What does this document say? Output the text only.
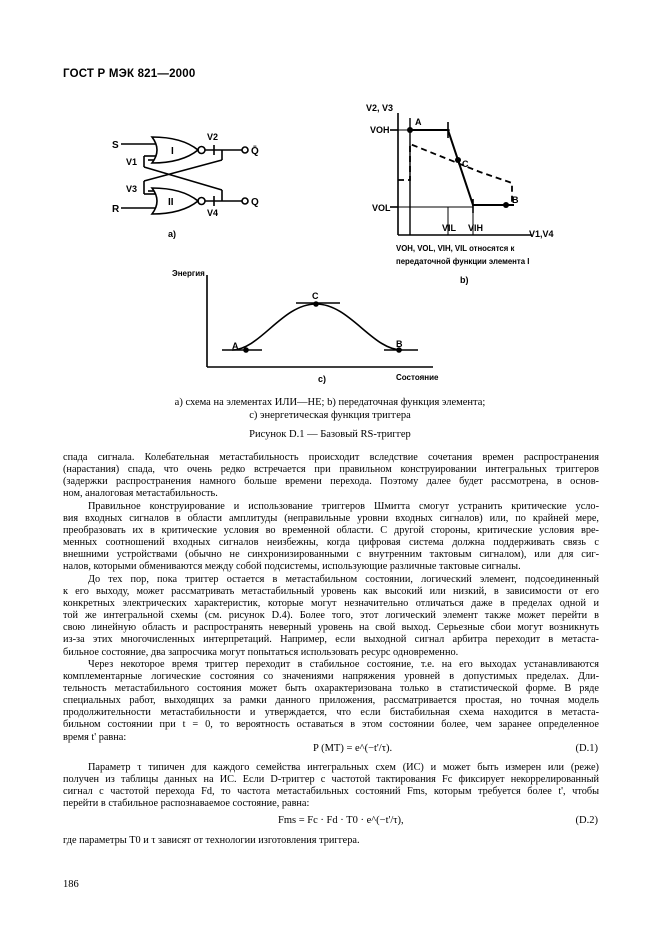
ГОСТ Р МЭК 821—2000
S
R
Q̄
Q
I
II
V1
V2
V3
V4
a)
V2, V3
VOH
VOL
VIL VIH
V1,V4
A
B
C
VOH, VOL, VIH, VIL относятся к
передаточной функции элемента I
b)
Энергия
Состояние
A	B
C
c)
a) схема на элементах ИЛИ—НЕ; b) передаточная функция элемента;
c) энергетическая функция триггера
Рисунок D.1 — Базовый RS-триггер
спада сигнала. Колебательная метастабильность происходит вследствие сочетания времен распространения
(нарастания) спада, что очень редко встречается при правильном конструировании интегральных триггеров
(задержки распространения намного больше времени перехода. Поэтому далее будет рассмотрена, в основ-
ном, аналоговая метастабильность.
Правильное конструирование и использование триггеров Шмитта смогут устранить критические усло-
вия входных сигналов в области амплитуды (неправильные уровни входных сигналов) или, по крайней мере,
преобразовать их в критические условия во временной области. С другой стороны, критические условия вре-
менных соотношений входных сигналов неизбежны, когда цифровая система должна поддерживать связь с
внешними устройствами (обычно не синхронизированными с внутренним тактовым сигналом), или для сиг-
налов, которыми обмениваются между собой подсистемы, использующие различные тактовые сигналы.
До тех пор, пока триггер остается в метастабильном состоянии, логический элемент, подсоединенный
к его выходу, может рассматривать метастабильный уровень как высокий или низкий, в зависимости от его
конкретных электрических характеристик, которые могут незначительно отличаться даже в пределах одной и
той же интегральной схемы (см. рисунок D.4). Более того, этот логический элемент также может перейти в
свою линейную область и распространять неверный уровень на свой выход. Серьезные сбои могут возникнуть
из-за этих многочисленных интерпретаций. Например, если выходной сигнал арбитра переходит в метаста-
бильное состояние, два запросчика могут попытаться использовать ресурс одновременно.
Через некоторое время триггер переходит в стабильное состояние, т.е. на его выходах устанавливаются
комплементарные логические состояния со значениями напряжения уровней в допустимых пределах. Дли-
тельность метастабильного состояния может быть охарактеризована только в статистической форме. В ряде
специальных работ, выходящих за рамки данного приложения, рассматривается простая, но точная модель
продолжительности метастабильности и утверждается, что если бистабильная схема находится в метаста-
бильном состоянии при t = 0, то вероятность оставаться в этом состоянии более, чем заранее определенное
время t' равна:
P (MT) = e^(−t'/τ).	(D.1)
Параметр τ типичен для каждого семейства интегральных схем (ИС) и может быть измерен или (реже)
получен из таблицы данных на ИС. Если D-триггер с частотой тактирования Fc фиксирует некоррелированный
сигнал с частотой перехода Fd, то частота метастабильных состояний Fms, которым требуется более t', чтобы
перейти в стабильное распознаваемое состояние, равна:
Fms = Fc · Fd · T0 · e^(−t'/τ),	(D.2)
где параметры T0 и τ зависят от технологии изготовления триггера.
186
